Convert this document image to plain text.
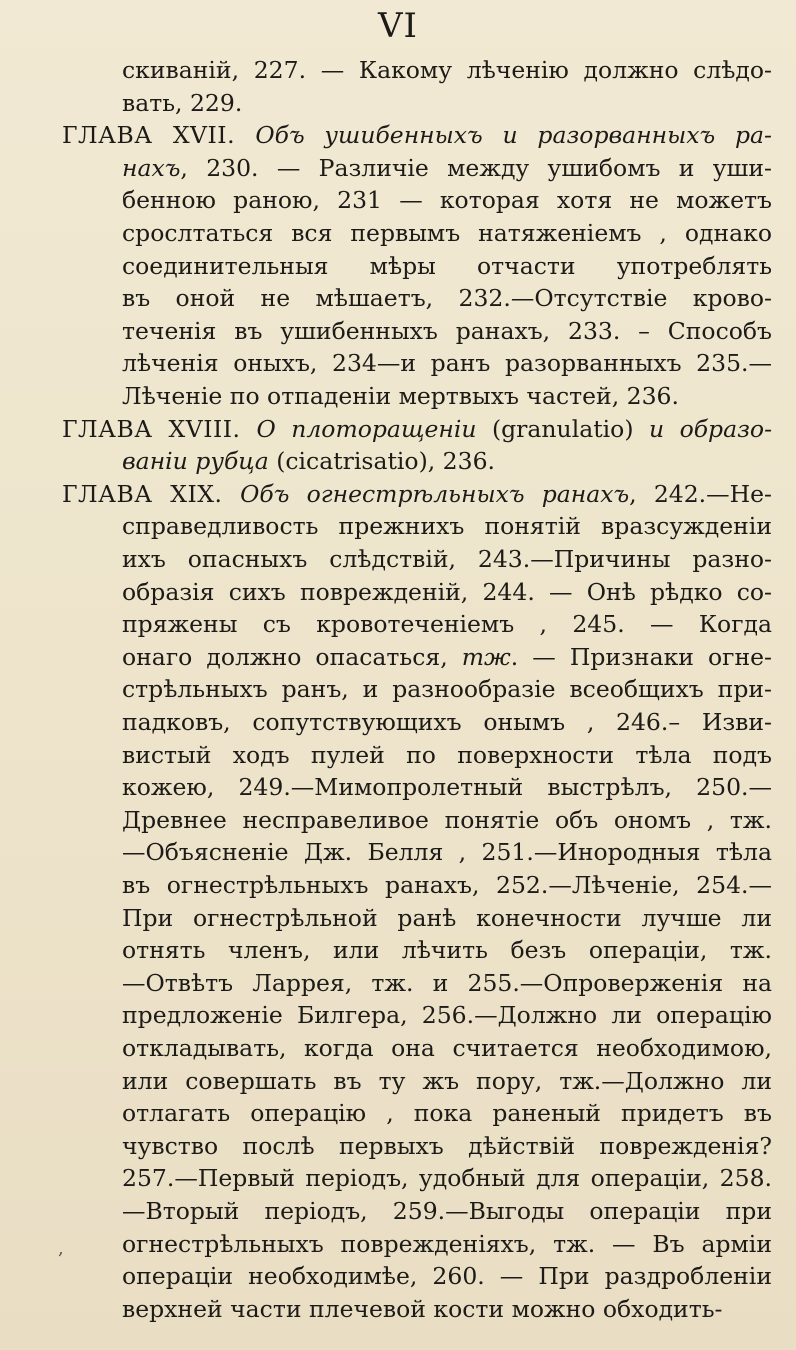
VI
скиваній, 227. — Какому лѣченію должно слѣдо-
вать, 229.
ГЛАВА XVII. Объ ушибенныхъ и разорванныхъ ра-
нахъ, 230. — Различіе между ушибомъ и уши-
бенною раною, 231 — которая хотя не можетъ
срослтаться вся первымъ натяженіемъ , однако
соединительныя мѣры отчасти употреблять
въ оной не мѣшаетъ, 232.—Отсутствіе крово-
теченія въ ушибенныхъ ранахъ, 233. – Способъ
лѣченія оныхъ, 234—и ранъ разорванныхъ 235.—
Лѣченіе по отпаденіи мертвыхъ частей, 236.
ГЛАВА XVIII. О плоторащеніи (granulatio) и образо-
ваніи рубца (cicatrisatio), 236.
ГЛАВА XIX. Объ огнестрѣльныхъ ранахъ, 242.—Не-
справедливость прежнихъ понятій вразсужденіи
ихъ опасныхъ слѣдствій, 243.—Причины разно-
образія сихъ поврежденій, 244. — Онѣ рѣдко со-
пряжены съ кровотеченіемъ , 245. — Когда
онаго должно опасаться, тж. — Признаки огне-
стрѣльныхъ ранъ, и разнообразіе всеобщихъ при-
падковъ, сопутствующихъ онымъ , 246.– Изви-
вистый ходъ пулей по поверхности тѣла подъ
кожею, 249.—Мимопролетный выстрѣлъ, 250.—
Древнее несправеливое понятіе объ ономъ , тж.
—Объясненіе Дж. Белля , 251.—Инородныя тѣла
въ огнестрѣльныхъ ранахъ, 252.—Лѣченіе, 254.—
При огнестрѣльной ранѣ конечности лучше ли
отнять членъ, или лѣчить безъ операціи, тж.
—Отвѣтъ Ларрея, тж. и 255.—Опроверженія на
предложеніе Билгера, 256.—Должно ли операцію
откладывать, когда она считается необходимою,
или совершать въ ту жъ пору, тж.—Должно ли
отлагать операцію , пока раненый придетъ въ
чувство послѣ первыхъ дѣйствій поврежденія?
257.—Первый періодъ, удобный для операціи, 258.
—Вторый періодъ, 259.—Выгоды операціи при
огнестрѣльныхъ поврежденіяхъ, тж. — Въ арміи
операціи необходимѣе, 260. — При раздробленіи
верхней части плечевой кости можно обходить-
,
